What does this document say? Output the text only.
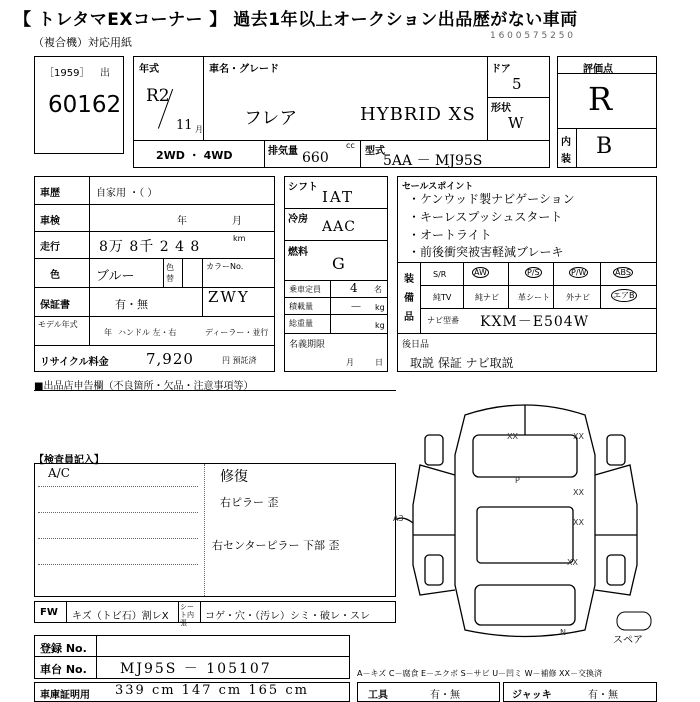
【 トレタマEXコーナー 】 過去1年以上オークション出品歴がない車両
（複合機）対応用紙	1 6 0 0 5 7 5 2 5 0
［1959］ 出
60162
年式
R2
11 月
車名・グレード
フレア	HYBRID XS
ドア
5
形状
W
2WD ・ 4WD	排気量
cc
660	型式
5AA － MJ95S
評価点
R
内
装
B
車歴	自家用 ・（ ）
車検	年	月
走行	8万 8千 2 4 8
km
色	ブルー
色替
カラーNo.
保証書	有・無	ZWY
モデル年式
年 ハンドル 左・右	ディーラー・並行
リサイクル料金 7,920	円 預託済
シフト
IAT
冷房 AAC
燃料
G
乗車定員 4 名
積載量	－ kg
総重量	kg
名義期限
月	日
セールスポイント
・ケンウッド製ナビゲーション
・キーレスプッシュスタート
・オートライト
・前後衝突被害軽減ブレーキ
装
備
品
S/R	AW	P/S	P/W	ABS
純TV	純ナビ 革シート 外ナビ	エアB
ナビ型番 KXM－E504W
後日品
取説 保証 ナビ取説
■出品店申告欄（不良箇所・欠品・注意事項等）
【検査員記入】
A/C	修復
右ピラー 歪
右センターピラー 下部 歪
FW キズ（トビ石）割レX
シート内張
コゲ・穴・（汚レ）シミ・破レ・スレ
登録 No.
車台 No. MJ95S － 105107
車庫証明用 339 cm 147 cm 165 cm
A－キズ C－腐食 E－エクボ S－サビ U－凹ミ W－補修 XX－交換済
工具	有・無	ジャッキ	有・無
XX	XX
XX
XX
XX
P
A3
N
スペア
